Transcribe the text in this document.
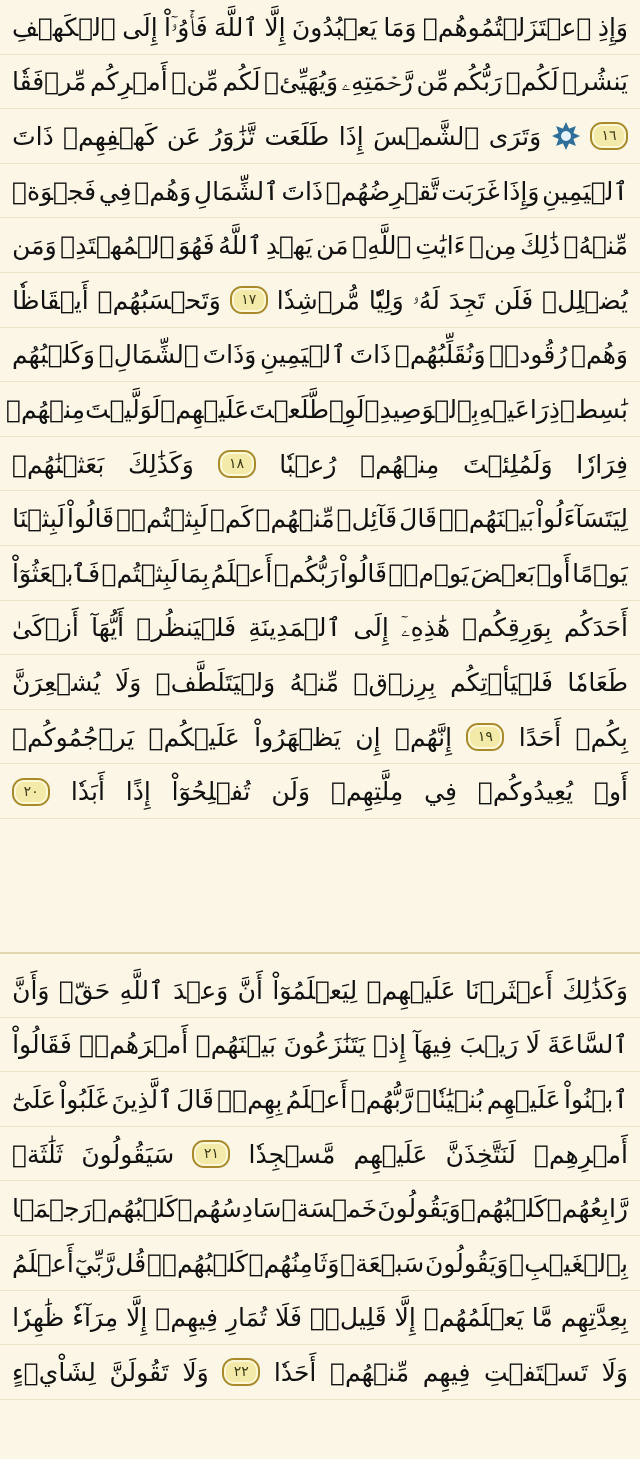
وَإِذِ
ٱعۡتَزَلۡتُمُوهُمۡ
وَمَا
يَعۡبُدُونَ
إِلَّا
ٱللَّهَ
فَأۡوُۥٓاْ
إِلَى
ٱلۡكَهۡفِ
يَنشُرۡ
لَكُمۡ
رَبُّكُم
مِّن
رَّحۡمَتِهِۦ
وَيُهَيِّئۡ
لَكُم
مِّنۡ
أَمۡرِكُم
مِّرۡفَقٗا
١٦
وَتَرَى
ٱلشَّمۡسَ
إِذَا
طَلَعَت
تَّزَٰوَرُ
عَن
كَهۡفِهِمۡ
ذَاتَ
ٱلۡيَمِينِ
وَإِذَا
غَرَبَت
تَّقۡرِضُهُمۡ
ذَاتَ
ٱلشِّمَالِ
وَهُمۡ
فِي
فَجۡوَةٖ
مِّنۡهُۚ
ذَٰلِكَ
مِنۡ
ءَايَٰتِ
ٱللَّهِۗ
مَن
يَهۡدِ
ٱللَّهُ
فَهُوَ
ٱلۡمُهۡتَدِۖ
وَمَن
يُضۡلِلۡ
فَلَن
تَجِدَ
لَهُۥ
وَلِيّٗا
مُّرۡشِدٗا
١٧
وَتَحۡسَبُهُمۡ
أَيۡقَاظٗا
وَهُمۡ
رُقُودٞۚ
وَنُقَلِّبُهُمۡ
ذَاتَ
ٱلۡيَمِينِ
وَذَاتَ
ٱلشِّمَالِۖ
وَكَلۡبُهُم
بَٰسِطٞ
ذِرَاعَيۡهِ
بِٱلۡوَصِيدِۚ
لَوِ
ٱطَّلَعۡتَ
عَلَيۡهِمۡ
لَوَلَّيۡتَ
مِنۡهُمۡ
فِرَارٗا
وَلَمُلِئۡتَ
مِنۡهُمۡ
رُعۡبٗا
١٨
وَكَذَٰلِكَ
بَعَثۡنَٰهُمۡ
لِيَتَسَآءَلُواْ
بَيۡنَهُمۡۚ
قَالَ
قَآئِلٞ
مِّنۡهُمۡ
كَمۡ
لَبِثۡتُمۡۖ
قَالُواْ
لَبِثۡنَا
يَوۡمًا
أَوۡ
بَعۡضَ
يَوۡمٖۚ
قَالُواْ
رَبُّكُمۡ
أَعۡلَمُ
بِمَا
لَبِثۡتُمۡ
فَٱبۡعَثُوٓاْ
أَحَدَكُم
بِوَرِقِكُمۡ
هَٰذِهِۦٓ
إِلَى
ٱلۡمَدِينَةِ
فَلۡيَنظُرۡ
أَيُّهَآ
أَزۡكَىٰ
طَعَامٗا
فَلۡيَأۡتِكُم
بِرِزۡقٖ
مِّنۡهُ
وَلۡيَتَلَطَّفۡ
وَلَا
يُشۡعِرَنَّ
بِكُمۡ
أَحَدًا
١٩
إِنَّهُمۡ
إِن
يَظۡهَرُواْ
عَلَيۡكُمۡ
يَرۡجُمُوكُمۡ
أَوۡ
يُعِيدُوكُمۡ
فِي
مِلَّتِهِمۡ
وَلَن
تُفۡلِحُوٓاْ
إِذًا
أَبَدٗا
٢٠
وَكَذَٰلِكَ
أَعۡثَرۡنَا
عَلَيۡهِمۡ
لِيَعۡلَمُوٓاْ
أَنَّ
وَعۡدَ
ٱللَّهِ
حَقّٞ
وَأَنَّ
ٱلسَّاعَةَ
لَا
رَيۡبَ
فِيهَآ
إِذۡ
يَتَنَٰزَعُونَ
بَيۡنَهُمۡ
أَمۡرَهُمۡۖ
فَقَالُواْ
ٱبۡنُواْ
عَلَيۡهِم
بُنۡيَٰنٗاۖ
رَّبُّهُمۡ
أَعۡلَمُ
بِهِمۡۚ
قَالَ
ٱلَّذِينَ
غَلَبُواْ
عَلَىٰٓ
أَمۡرِهِمۡ
لَنَتَّخِذَنَّ
عَلَيۡهِم
مَّسۡجِدٗا
٢١
سَيَقُولُونَ
ثَلَٰثَةٞ
رَّابِعُهُمۡ
كَلۡبُهُمۡ
وَيَقُولُونَ
خَمۡسَةٞ
سَادِسُهُمۡ
كَلۡبُهُمۡ
رَجۡمَۢا
بِٱلۡغَيۡبِۖ
وَيَقُولُونَ
سَبۡعَةٞ
وَثَامِنُهُمۡ
كَلۡبُهُمۡۚ
قُل
رَّبِّيٓ
أَعۡلَمُ
بِعِدَّتِهِم
مَّا
يَعۡلَمُهُمۡ
إِلَّا
قَلِيلٞۗ
فَلَا
تُمَارِ
فِيهِمۡ
إِلَّا
مِرَآءٗ
ظَٰهِرٗا
وَلَا
تَسۡتَفۡتِ
فِيهِم
مِّنۡهُمۡ
أَحَدٗا
٢٢
وَلَا
تَقُولَنَّ
لِشَاْيۡءٍ
